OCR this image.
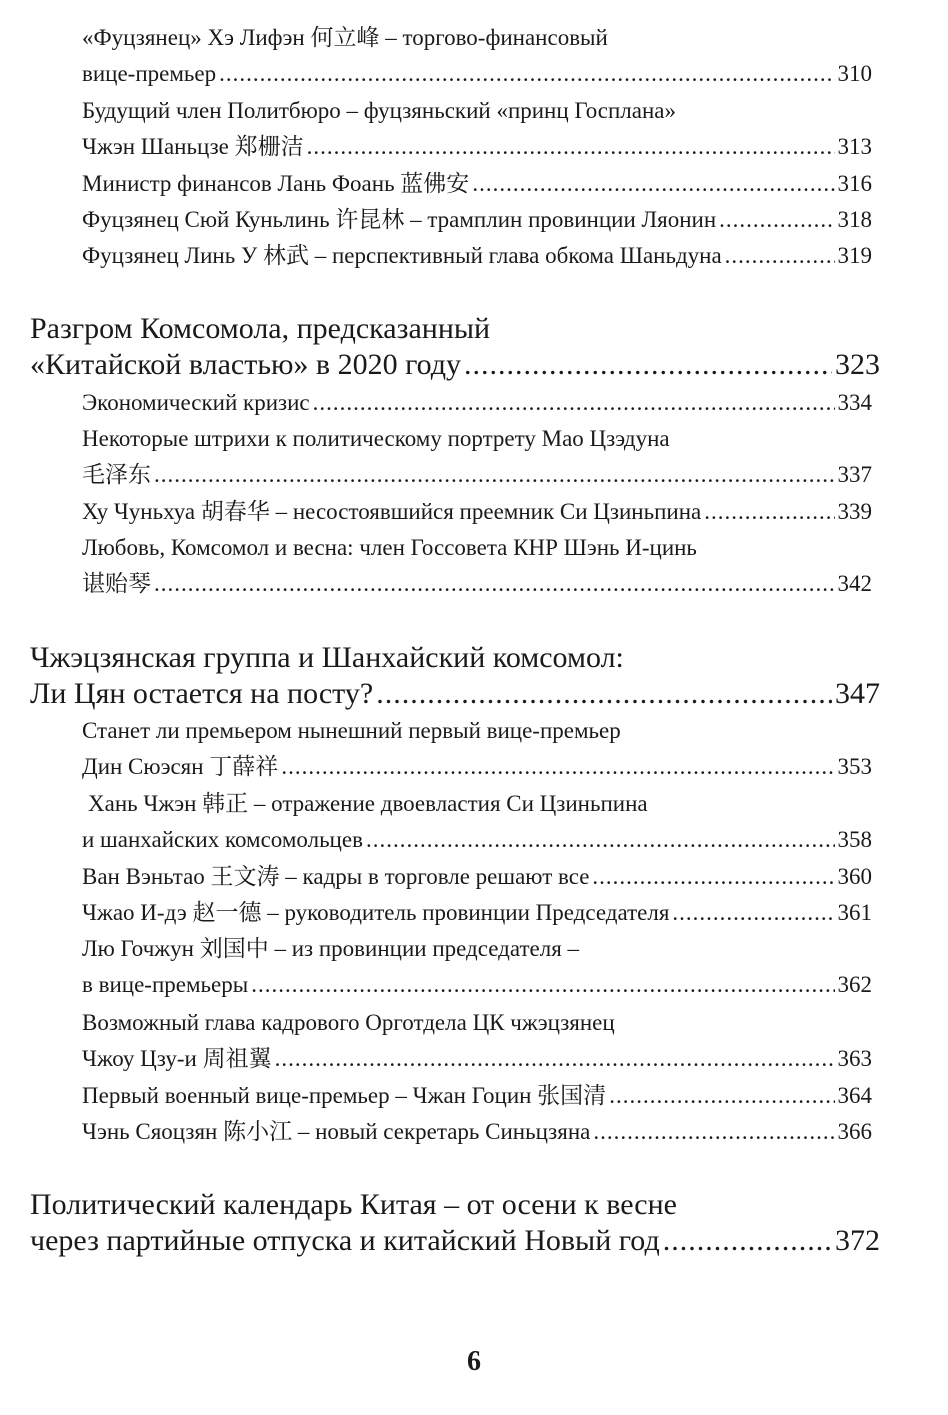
«Фуцзянец» Хэ Лифэн 何立峰 – торгово-финансовый
вице-премьер .....	310
Будущий член Политбюро – фуцзяньский «принц Госплана»
Чжэн Шаньцзе 郑栅洁 .....	313
Министр финансов Лань Фоань 蓝佛安 .....	316
Фуцзянец Сюй Куньлинь 许昆林 – трамплин провинции Ляонин .....	318
Фуцзянец Линь У 林武 – перспективный глава обкома Шаньдуна .....	319
Разгром Комсомола, предсказанный
«Китайской властью» в 2020 году .....	323
Экономический кризис .....	334
Некоторые штрихи к политическому портрету Мао Цзэдуна
毛泽东 .....	337
Ху Чуньхуа 胡春华 – несостоявшийся преемник Си Цзиньпина .....	339
Любовь, Комсомол и весна: член Госсовета КНР Шэнь И-цинь
谌贻琴 .....	342
Чжэцзянская группа и Шанхайский комсомол:
Ли Цян остается на посту? .....	347
Станет ли премьером нынешний первый вице-премьер
Дин Сюэсян 丁薛祥 .....	353
Хань Чжэн 韩正 – отражение двоевластия Си Цзиньпина
и шанхайских комсомольцев .....	358
Ван Вэньтао 王文涛 – кадры в торговле решают все .....	360
Чжао И-дэ 赵一德 – руководитель провинции Председателя .....	361
Лю Гочжун 刘国中 – из провинции председателя –
в вице-премьеры .....	362
Возможный глава кадрового Орготдела ЦК чжэцзянец
Чжоу Цзу-и 周祖翼 .....	363
Первый военный вице-премьер – Чжан Гоцин 张国清 .....	364
Чэнь Сяоцзян 陈小江 – новый секретарь Синьцзяна .....	366
Политический календарь Китая – от осени к весне
через партийные отпуска и китайский Новый год .....	372
6
